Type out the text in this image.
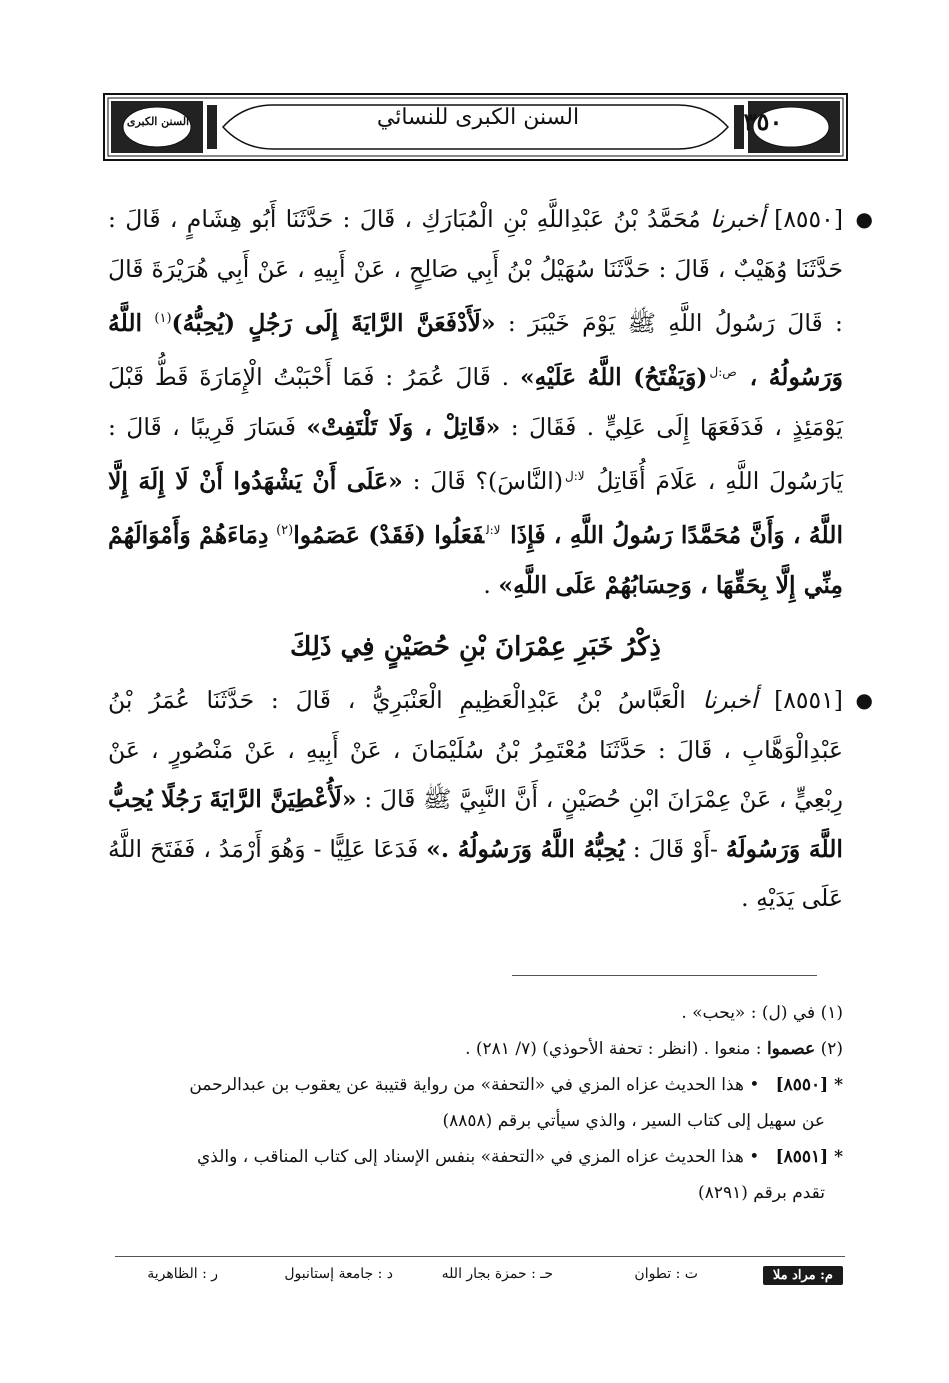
٣٥٠
السنن الكبرى للنسائي
السنن الكبرى

●
[٨٥٥٠] أخبرنا مُحَمَّدُ بْنُ عَبْدِاللَّهِ بْنِ الْمُبَارَكِ ، قَالَ : حَدَّثَنَا أَبُو هِشَامٍ ، قَالَ : حَدَّثَنَا وُهَيْبٌ ، قَالَ : حَدَّثَنَا سُهَيْلُ بْنُ أَبِي صَالِحٍ ، عَنْ أَبِيهِ ، عَنْ أَبِي هُرَيْرَةَ قَالَ : قَالَ رَسُولُ اللَّهِ ﷺ يَوْمَ خَيْبَرَ : «لَأَدْفَعَنَّ الرَّايَةَ إِلَى رَجُلٍ (يُحِبُّهُ)$^{(١)}$ اللَّهُ وَرَسُولُهُ ، $^{ص:ل}$(وَيَفْتَحُ) اللَّهُ عَلَيْهِ» . قَالَ عُمَرُ : فَمَا أَحْبَبْتُ الْإِمَارَةَ قَطُّ قَبْلَ يَوْمَئِذٍ ، فَدَفَعَهَا إِلَى عَلِيٍّ . فَقَالَ : «قَاتِلْ ، وَلَا تَلْتَفِتْ» فَسَارَ قَرِيبًا ، قَالَ : يَارَسُولَ اللَّهِ ، عَلَامَ أُقَاتِلُ $^{لا:ل}$(النَّاسَ)؟ قَالَ : «عَلَى أَنْ يَشْهَدُوا أَنْ لَا إِلَهَ إِلَّا اللَّهُ ، وَأَنَّ مُحَمَّدًا رَسُولُ اللَّهِ ، فَإِذَا $^{لا:ل}$فَعَلُوا (فَقَدْ) عَصَمُوا$^{(٢)}$ دِمَاءَهُمْ وَأَمْوَالَهُمْ مِنِّي إِلَّا بِحَقِّهَا ، وَحِسَابُهُمْ عَلَى اللَّهِ» .

ذِكْرُ خَبَرِ عِمْرَانَ بْنِ حُصَيْنٍ فِي ذَلِكَ

●
[٨٥٥١] أخبرنا الْعَبَّاسُ بْنُ عَبْدِالْعَظِيمِ الْعَنْبَرِيُّ ، قَالَ : حَدَّثَنَا عُمَرُ بْنُ عَبْدِالْوَهَّابِ ، قَالَ : حَدَّثَنَا مُعْتَمِرُ بْنُ سُلَيْمَانَ ، عَنْ أَبِيهِ ، عَنْ مَنْصُورٍ ، عَنْ رِبْعِيٍّ ، عَنْ عِمْرَانَ ابْنِ حُصَيْنٍ ، أَنَّ النَّبِيَّ ﷺ قَالَ : «لَأُعْطِيَنَّ الرَّايَةَ رَجُلًا يُحِبُّ اللَّهَ وَرَسُولَهُ -أَوْ قَالَ : يُحِبُّهُ اللَّهُ وَرَسُولُهُ .» فَدَعَا عَلِيًّا - وَهُوَ أَرْمَدُ ، فَفَتَحَ اللَّهُ عَلَى يَدَيْهِ .

(١) في (ل) : «يحب» .

(٢) عصموا : منعوا . (انظر : تحفة الأحوذي) (٧/ ٢٨١) .

* [٨٥٥٠]   • هذا الحديث عزاه المزي في «التحفة» من رواية قتيبة عن يعقوب بن عبدالرحمن
عن سهيل إلى كتاب السير ، والذي سيأتي برقم (٨٨٥٨)

* [٨٥٥١]   • هذا الحديث عزاه المزي في «التحفة» بنفس الإسناد إلى كتاب المناقب ، والذي
تقدم برقم (٨٢٩١)

م: مراد ملا
ت : تطوان
حـ : حمزة بجار الله
د : جامعة إستانبول
ر : الظاهرية
